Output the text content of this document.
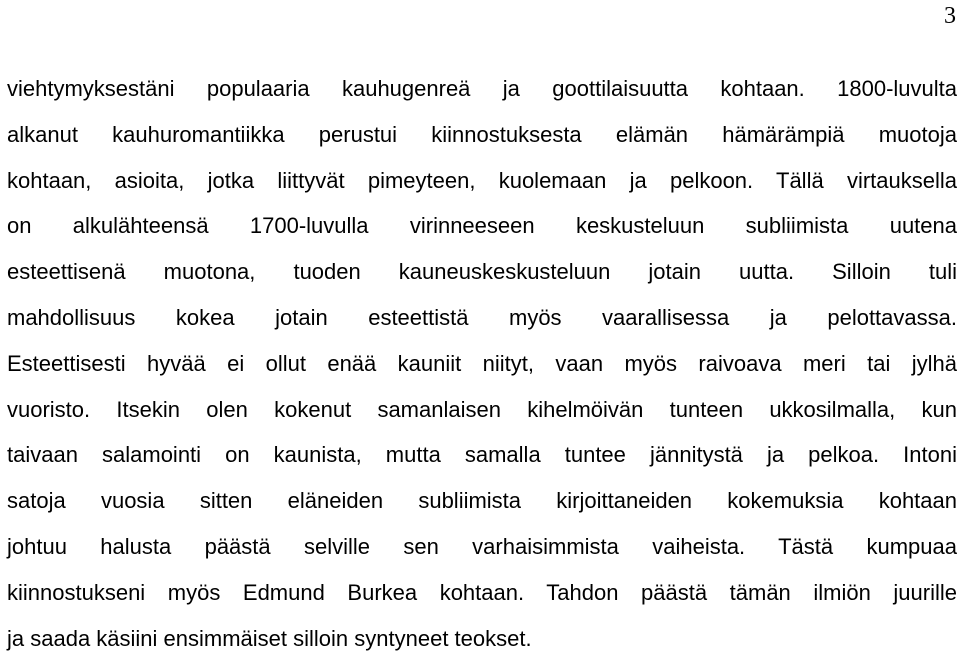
3
viehtymyksestäni populaaria kauhugenreä ja goottilaisuutta kohtaan. 1800-luvulta
alkanut kauhuromantiikka perustui kiinnostuksesta elämän hämärämpiä muotoja
kohtaan, asioita, jotka liittyvät pimeyteen, kuolemaan ja pelkoon. Tällä virtauksella
on alkulähteensä 1700-luvulla virinneeseen keskusteluun subliimista uutena
esteettisenä muotona, tuoden kauneuskeskusteluun jotain uutta. Silloin tuli
mahdollisuus kokea jotain esteettistä myös vaarallisessa ja pelottavassa.
Esteettisesti hyvää ei ollut enää kauniit niityt, vaan myös raivoava meri tai jylhä
vuoristo. Itsekin olen kokenut samanlaisen kihelmöivän tunteen ukkosilmalla, kun
taivaan salamointi on kaunista, mutta samalla tuntee jännitystä ja pelkoa. Intoni
satoja vuosia sitten eläneiden subliimista kirjoittaneiden kokemuksia kohtaan
johtuu halusta päästä selville sen varhaisimmista vaiheista. Tästä kumpuaa
kiinnostukseni myös Edmund Burkea kohtaan. Tahdon päästä tämän ilmiön juurille
ja saada käsiini ensimmäiset silloin syntyneet teokset.
